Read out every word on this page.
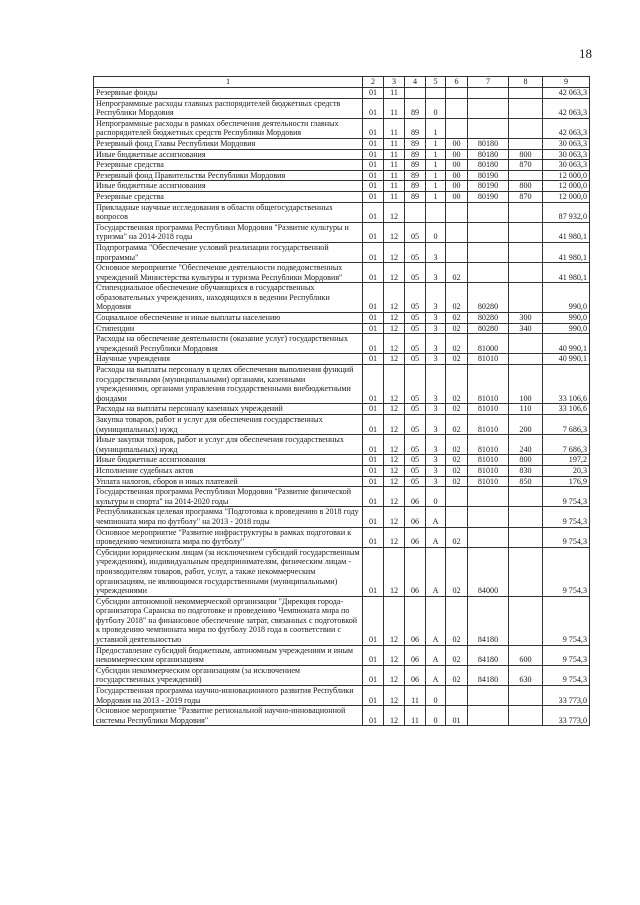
18
1	2	3	4	5	6	7	8	9
Резервные фонды	01	11						42 063,3
Непрограммные расходы главных распорядителей бюджетных средств Республики Мордовия	01	11	89	0				42 063,3
Непрограммные расходы в рамках обеспечения деятельности главных распорядителей бюджетных средств Республики Мордовия	01	11	89	1				42 063,3
Резервный фонд Главы Республики Мордовия	01	11	89	1	00	80180		30 063,3
Иные бюджетные ассигнования	01	11	89	1	00	80180	800	30 063,3
Резервные средства	01	11	89	1	00	80180	870	30 063,3
Резервный фонд Правительства Республики Мордовия	01	11	89	1	00	80190		12 000,0
Иные бюджетные ассигнования	01	11	89	1	00	80190	800	12 000,0
Резервные средства	01	11	89	1	00	80190	870	12 000,0
Прикладные научные исследования в области общегосударственных вопросов	01	12						87 932,0
Государственная программа Республики Мордовия "Развитие культуры и туризма" на 2014-2018 годы	01	12	05	0				41 980,1
Подпрограмма "Обеспечение условий реализации государственной программы"	01	12	05	3				41 980,1
Основное мероприятие "Обеспечение деятельности подведомственных учреждений Министерства культуры и туризма Республики Мордовия"	01	12	05	3	02			41 980,1
Стипендиальное обеспечение обучающихся в государственных образовательных учреждениях, находящихся в ведении Республики Мордовия	01	12	05	3	02	80280		990,0
Социальное обеспечение и иные выплаты населению	01	12	05	3	02	80280	300	990,0
Стипендии	01	12	05	3	02	80280	340	990,0
Расходы на обеспечение деятельности (оказание услуг) государственных учреждений Республики Мордовия	01	12	05	3	02	81000		40 990,1
Научные учреждения	01	12	05	3	02	81010		40 990,1
Расходы на выплаты персоналу в целях обеспечения выполнения функций государственными (муниципальными) органами, казенными учреждениями, органами управления государственными внебюджетными фондами	01	12	05	3	02	81010	100	33 106,6
Расходы на выплаты персоналу казенных учреждений	01	12	05	3	02	81010	110	33 106,6
Закупка товаров, работ и услуг для обеспечения государственных (муниципальных) нужд	01	12	05	3	02	81010	200	7 686,3
Иные закупки товаров, работ и услуг для обеспечения государственных (муниципальных) нужд	01	12	05	3	02	81010	240	7 686,3
Иные бюджетные ассигнования	01	12	05	3	02	81010	800	197,2
Исполнение судебных актов	01	12	05	3	02	81010	830	20,3
Уплата налогов, сборов и иных платежей	01	12	05	3	02	81010	850	176,9
Государственная программа Республики Мордовия "Развитие физической культуры и спорта" на 2014-2020 годы	01	12	06	0				9 754,3
Республиканская целевая программа "Подготовка к проведению в 2018 году чемпионата мира по футболу" на 2013 - 2018 годы	01	12	06	А				9 754,3
Основное мероприятие "Развитие инфраструктуры в рамках подготовки к проведению чемпионата мира по футболу"	01	12	06	А	02			9 754,3
Субсидии юридическим лицам (за исключением субсидий государственным учреждениям), индивидуальным предпринимателям, физическим лицам - производителям товаров, работ, услуг, а также некоммерческим организациям, не являющимся государственными (муниципальными) учреждениями	01	12	06	А	02	84000		9 754,3
Субсидии автономной некоммерческой организации "Дирекция города-организатора Саранска по подготовке и проведению Чемпионата мира по футболу 2018" на финансовое обеспечение затрат, связанных с подготовкой к проведению чемпионата мира по футболу 2018 года в соответствии с уставной деятельностью	01	12	06	А	02	84180		9 754,3
Предоставление субсидий бюджетным, автономным учреждениям и иным некоммерческим организациям	01	12	06	А	02	84180	600	9 754,3
Субсидии некоммерческим организациям (за исключением государственных учреждений)	01	12	06	А	02	84180	630	9 754,3
Государственная программа научно-инновационного развития Республики Мордовия на 2013 - 2019 годы	01	12	11	0				33 773,0
Основное мероприятие "Развитие региональной научно-инновационной системы Республики Мордовия"	01	12	11	0	01			33 773,0
